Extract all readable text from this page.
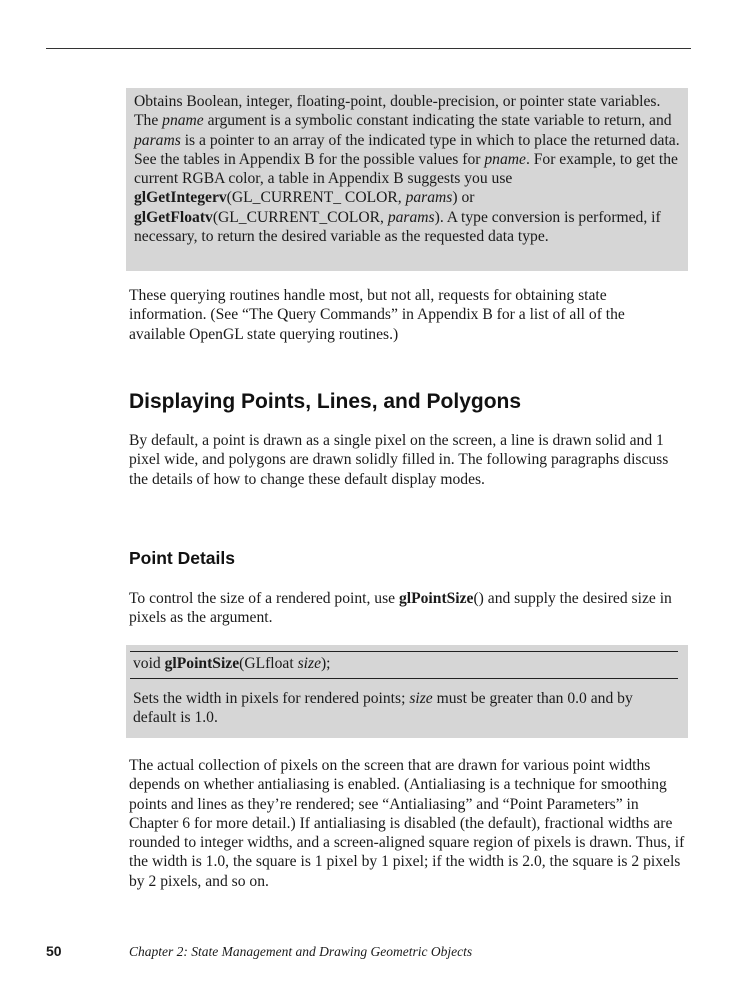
Obtains Boolean, integer, floating-point, double-precision, or pointer state variables. The pname argument is a symbolic constant indicating the state variable to return, and params is a pointer to an array of the indicated type in which to place the returned data. See the tables in Appendix B for the possible values for pname. For example, to get the current RGBA color, a table in Appendix B suggests you use glGetIntegerv(GL_CURRENT_ COLOR, params) or glGetFloatv(GL_CURRENT_COLOR, params). A type conversion is performed, if necessary, to return the desired variable as the requested data type.

These querying routines handle most, but not all, requests for obtaining state information. (See “The Query Commands” in Appendix B for a list of all of the available OpenGL state querying routines.)

Displaying Points, Lines, and Polygons

By default, a point is drawn as a single pixel on the screen, a line is drawn solid and 1 pixel wide, and polygons are drawn solidly filled in. The following paragraphs discuss the details of how to change these default display modes.

Point Details

To control the size of a rendered point, use glPointSize() and supply the desired size in pixels as the argument.

void glPointSize(GLfloat size);
Sets the width in pixels for rendered points; size must be greater than 0.0 and by default is 1.0.

The actual collection of pixels on the screen that are drawn for various point widths depends on whether antialiasing is enabled. (Antialiasing is a technique for smoothing points and lines as they’re rendered; see “Antialiasing” and “Point Parameters” in Chapter 6 for more detail.) If antialiasing is disabled (the default), fractional widths are rounded to integer widths, and a screen-aligned square region of pixels is drawn. Thus, if the width is 1.0, the square is 1 pixel by 1 pixel; if the width is 2.0, the square is 2 pixels by 2 pixels, and so on.

50	Chapter 2: State Management and Drawing Geometric Objects
